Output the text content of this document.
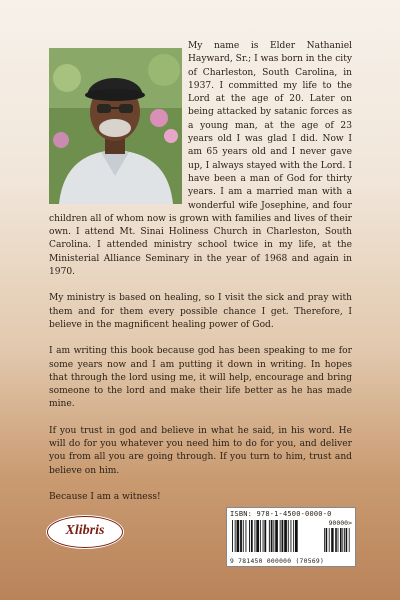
My name is Elder Nathaniel Hayward, Sr.; I was born in the city of Charleston, South Carolina, in 1937. I committed my life to the Lord at the age of 20. Later on being attacked by satanic forces as a young man, at the age of 23 years old I was glad I did. Now I am 65 years old and I never gave up, I always stayed with the Lord. I have been a man of God for thirty years. I am a married man with a wonderful wife Josephine, and four children all of whom now is grown with families and lives of their own. I attend Mt. Sinai Holiness Church in Charleston, South Carolina. I attended ministry school twice in my life, at the Ministerial Alliance Seminary in the year of 1968 and again in 1970.

My ministry is based on healing, so I visit the sick and pray with them and for them every possible chance I get. Therefore, I believe in the magnificent healing power of God.

I am writing this book because god has been speaking to me for some years now and I am putting it down in writing. In hopes that through the lord using me, it will help, encourage and bring someone to the lord and make their life better as he has made mine.

If you trust in god and believe in what he said, in his word. He will do for you whatever you need him to do for you, and deliver you from all you are going through. If you turn to him, trust and believe on him.

Because I am a witness!

Xlibris
ISBN: 978-1-4500-0000-0
90000>
9 781450 000000 (70569)
